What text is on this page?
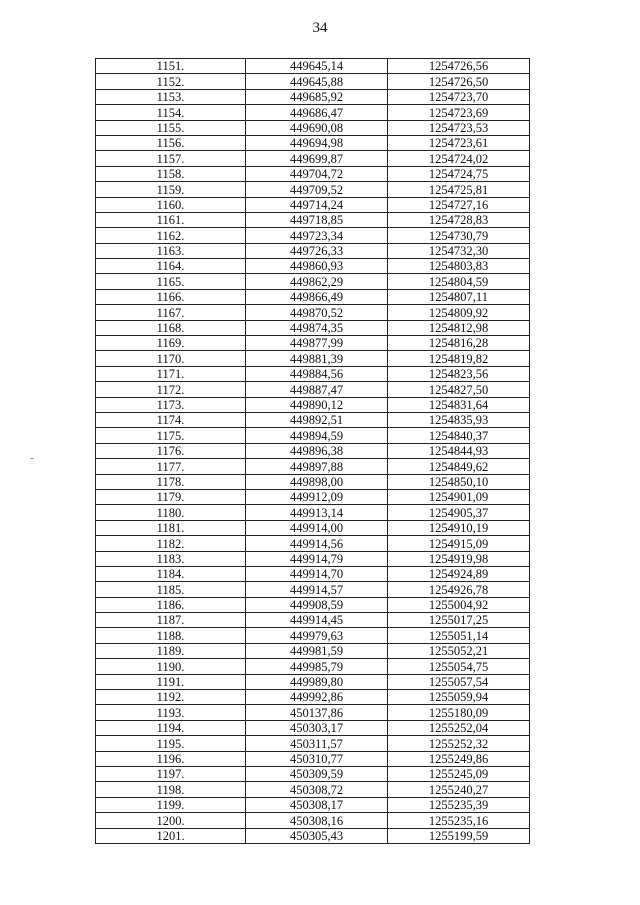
34
1151.	449645,14	1254726,56
1152.	449645,88	1254726,50
1153.	449685,92	1254723,70
1154.	449686,47	1254723,69
1155.	449690,08	1254723,53
1156.	449694,98	1254723,61
1157.	449699,87	1254724,02
1158.	449704,72	1254724,75
1159.	449709,52	1254725,81
1160.	449714,24	1254727,16
1161.	449718,85	1254728,83
1162.	449723,34	1254730,79
1163.	449726,33	1254732,30
1164.	449860,93	1254803,83
1165.	449862,29	1254804,59
1166.	449866,49	1254807,11
1167.	449870,52	1254809,92
1168.	449874,35	1254812,98
1169.	449877,99	1254816,28
1170.	449881,39	1254819,82
1171.	449884,56	1254823,56
1172.	449887,47	1254827,50
1173.	449890,12	1254831,64
1174.	449892,51	1254835,93
1175.	449894,59	1254840,37
1176.	449896,38	1254844,93
1177.	449897,88	1254849,62
1178.	449898,00	1254850,10
1179.	449912,09	1254901,09
1180.	449913,14	1254905,37
1181.	449914,00	1254910,19
1182.	449914,56	1254915,09
1183.	449914,79	1254919,98
1184.	449914,70	1254924,89
1185.	449914,57	1254926,78
1186.	449908,59	1255004,92
1187.	449914,45	1255017,25
1188.	449979,63	1255051,14
1189.	449981,59	1255052,21
1190.	449985,79	1255054,75
1191.	449989,80	1255057,54
1192.	449992,86	1255059,94
1193.	450137,86	1255180,09
1194.	450303,17	1255252,04
1195.	450311,57	1255252,32
1196.	450310,77	1255249,86
1197.	450309,59	1255245,09
1198.	450308,72	1255240,27
1199.	450308,17	1255235,39
1200.	450308,16	1255235,16
1201.	450305,43	1255199,59
